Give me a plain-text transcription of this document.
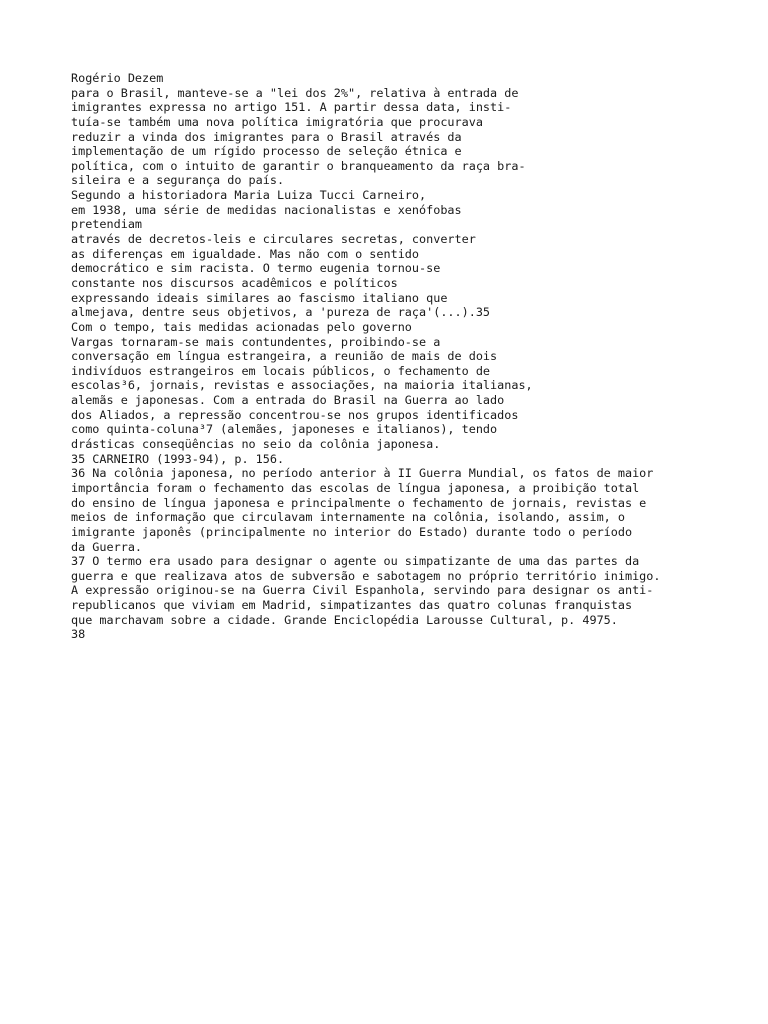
Rogério Dezem
para o Brasil, manteve-se a "lei dos 2%", relativa à entrada de
imigrantes expressa no artigo 151. A partir dessa data, insti-
tuía-se também uma nova política imigratória que procurava
reduzir a vinda dos imigrantes para o Brasil através da
implementação de um rígido processo de seleção étnica e
política, com o intuito de garantir o branqueamento da raça bra-
sileira e a segurança do país.
Segundo a historiadora Maria Luiza Tucci Carneiro,
em 1938, uma série de medidas nacionalistas e xenófobas
pretendiam
através de decretos-leis e circulares secretas, converter
as diferenças em igualdade. Mas não com o sentido
democrático e sim racista. O termo eugenia tornou-se
constante nos discursos acadêmicos e políticos
expressando ideais similares ao fascismo italiano que
almejava, dentre seus objetivos, a 'pureza de raça'(...).35
Com o tempo, tais medidas acionadas pelo governo
Vargas tornaram-se mais contundentes, proibindo-se a
conversação em língua estrangeira, a reunião de mais de dois
indivíduos estrangeiros em locais públicos, o fechamento de
escolas³6, jornais, revistas e associações, na maioria italianas,
alemãs e japonesas. Com a entrada do Brasil na Guerra ao lado
dos Aliados, a repressão concentrou-se nos grupos identificados
como quinta-coluna³7 (alemães, japoneses e italianos), tendo
drásticas conseqüências no seio da colônia japonesa.
35 CARNEIRO (1993-94), p. 156.
36 Na colônia japonesa, no período anterior à II Guerra Mundial, os fatos de maior
importância foram o fechamento das escolas de língua japonesa, a proibição total
do ensino de língua japonesa e principalmente o fechamento de jornais, revistas e
meios de informação que circulavam internamente na colônia, isolando, assim, o
imigrante japonês (principalmente no interior do Estado) durante todo o período
da Guerra.
37 O termo era usado para designar o agente ou simpatizante de uma das partes da
guerra e que realizava atos de subversão e sabotagem no próprio território inimigo.
A expressão originou-se na Guerra Civil Espanhola, servindo para designar os anti-
republicanos que viviam em Madrid, simpatizantes das quatro colunas franquistas
que marchavam sobre a cidade. Grande Enciclopédia Larousse Cultural, p. 4975.
38
